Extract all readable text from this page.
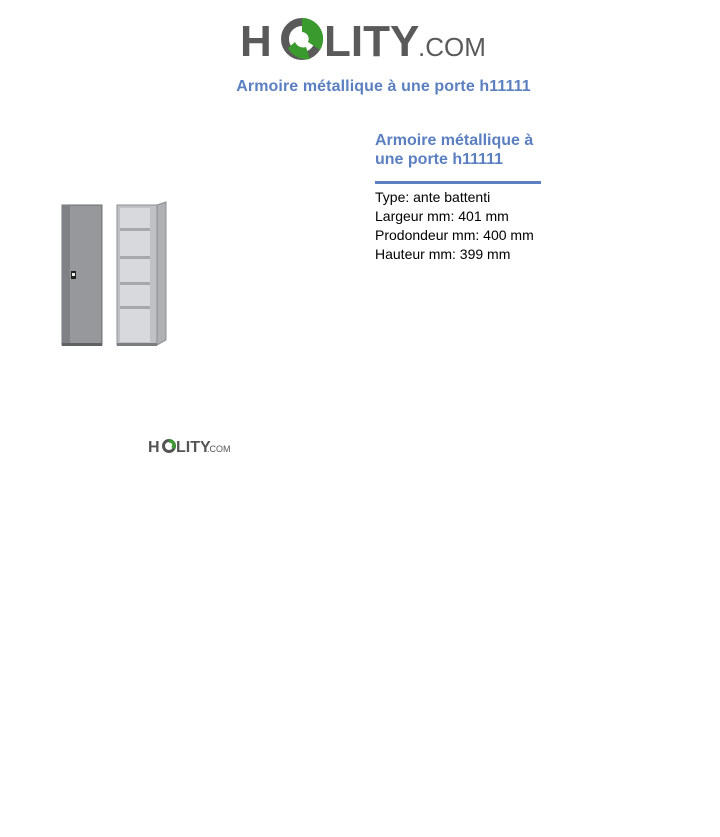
H LITY
.COM
Armoire métallique à une porte h11111
H LITY
.COM
Armoire métallique à
une porte h11111
Type: ante battenti
Largeur mm: 401 mm
Prodondeur mm: 400 mm
Hauteur mm: 399 mm
